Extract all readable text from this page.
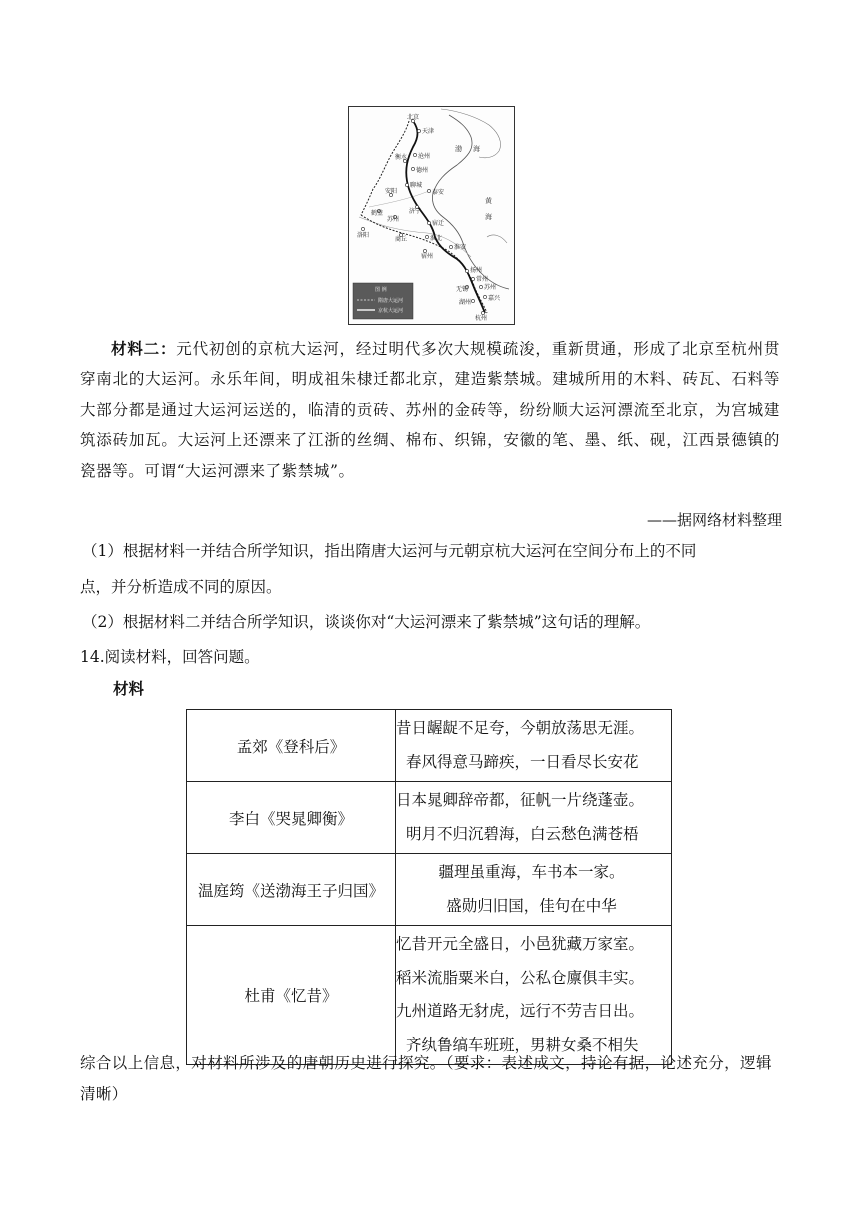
北京
天津
沧州
衡水
德州
聊城
泰安
安阳
济宁
鹤壁
苏州
洛阳
商丘	淮北
宿迁
宿州
淮安
扬州
常州
无锡	苏州
湖州
嘉兴
杭州
渤 海
黄
海
图 例
隋唐大运河
京杭大运河
材料二：元代初创的京杭大运河，经过明代多次大规模疏浚，重新贯通，形成了北京至杭州贯穿南北的大运河。永乐年间，明成祖朱棣迁都北京，建造紫禁城。建城所用的木料、砖瓦、石料等大部分都是通过大运河运送的，临清的贡砖、苏州的金砖等，纷纷顺大运河漂流至北京，为宫城建筑添砖加瓦。大运河上还漂来了江浙的丝绸、棉布、织锦，安徽的笔、墨、纸、砚，江西景德镇的瓷器等。可谓“大运河漂来了紫禁城”。
——据网络材料整理
（1）根据材料一并结合所学知识，指出隋唐大运河与元朝京杭大运河在空间分布上的不同
点，并分析造成不同的原因。
（2）根据材料二并结合所学知识，谈谈你对“大运河漂来了紫禁城”这句话的理解。
14.阅读材料，回答问题。
材料
孟郊《登科后》	昔日龌龊不足夸，今朝放荡思无涯。
春风得意马蹄疾，一日看尽长安花

李白《哭晁卿衡》	日本晁卿辞帝都，征帆一片绕蓬壶。
明月不归沉碧海，白云愁色满苍梧

温庭筠《送渤海王子归国》	疆理虽重海，车书本一家。
盛勋归旧国，佳句在中华

杜甫《忆昔》	忆昔开元全盛日，小邑犹藏万家室。
稻米流脂粟米白，公私仓廪俱丰实。
九州道路无豺虎，远行不劳吉日出。
齐纨鲁缟车班班，男耕女桑不相失
综合以上信息，对材料所涉及的唐朝历史进行探究。（要求：表述成文，持论有据，论述充分，逻辑清晰）
